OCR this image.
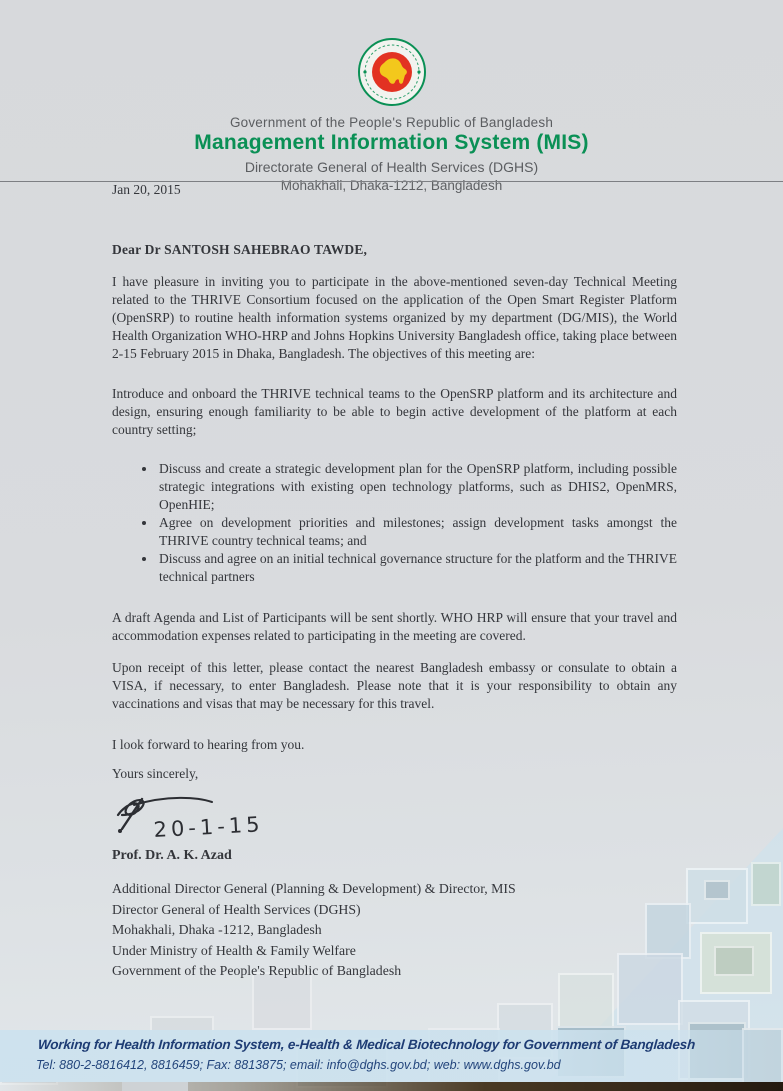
Government of the People's Republic of Bangladesh
Management Information System (MIS)
Directorate General of Health Services (DGHS)
Mohakhali, Dhaka-1212, Bangladesh

Jan 20, 2015

Dear Dr SANTOSH SAHEBRAO TAWDE,

I have pleasure in inviting you to participate in the above-mentioned seven-day Technical Meeting related to the THRIVE Consortium focused on the application of the Open Smart Register Platform (OpenSRP) to routine health information systems organized by my department (DG/MIS), the World Health Organization WHO-HRP and Johns Hopkins University Bangladesh office, taking place between 2-15 February 2015 in Dhaka, Bangladesh. The objectives of this meeting are:

Introduce and onboard the THRIVE technical teams to the OpenSRP platform and its architecture and design, ensuring enough familiarity to be able to begin active development of the platform at each country setting;

• Discuss and create a strategic development plan for the OpenSRP platform, including possible strategic integrations with existing open technology platforms, such as DHIS2, OpenMRS, OpenHIE;
• Agree on development priorities and milestones; assign development tasks amongst the THRIVE country technical teams; and
• Discuss and agree on an initial technical governance structure for the platform and the THRIVE technical partners

A draft Agenda and List of Participants will be sent shortly. WHO HRP will ensure that your travel and accommodation expenses related to participating in the meeting are covered.

Upon receipt of this letter, please contact the nearest Bangladesh embassy or consulate to obtain a VISA, if necessary, to enter Bangladesh. Please note that it is your responsibility to obtain any vaccinations and visas that may be necessary for this travel.

I look forward to hearing from you.

Yours sincerely,

20-1-15

Prof. Dr. A. K. Azad

Additional Director General (Planning & Development) & Director, MIS
Director General of Health Services (DGHS)
Mohakhali, Dhaka -1212, Bangladesh
Under Ministry of Health & Family Welfare
Government of the People's Republic of Bangladesh
Working for Health Information System, e-Health & Medical Biotechnology for Government of Bangladesh
Tel: 880-2-8816412, 8816459; Fax: 8813875; email: info@dghs.gov.bd; web: www.dghs.gov.bd
